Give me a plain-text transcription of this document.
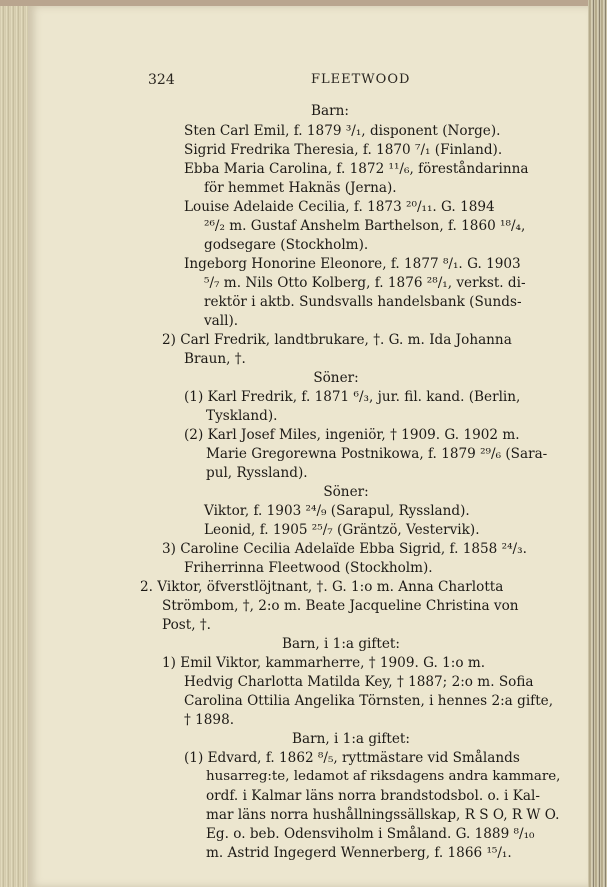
324	FLEETWOOD
Barn:
Sten Carl Emil, f. 1879 ³/₁, disponent (Norge).
Sigrid Fredrika Theresia, f. 1870 ⁷/₁ (Finland).
Ebba Maria Carolina, f. 1872 ¹¹/₆, föreståndarinna
för hemmet Haknäs (Jerna).
Louise Adelaide Cecilia, f. 1873 ²⁰/₁₁. G. 1894
²⁶/₂ m. Gustaf Anshelm Barthelson, f. 1860 ¹⁸/₄,
godsegare (Stockholm).
Ingeborg Honorine Eleonore, f. 1877 ⁸/₁. G. 1903
⁵/₇ m. Nils Otto Kolberg, f. 1876 ²⁸/₁, verkst. di-
rektör i aktb. Sundsvalls handelsbank (Sunds-
vall).
2) Carl Fredrik, landtbrukare, †. G. m. Ida Johanna
Braun, †.
Söner:
(1) Karl Fredrik, f. 1871 ⁶/₃, jur. fil. kand. (Berlin,
Tyskland).
(2) Karl Josef Miles, ingeniör, † 1909. G. 1902 m.
Marie Gregorewna Postnikowa, f. 1879 ²⁹/₆ (Sara-
pul, Ryssland).
Söner:
Viktor, f. 1903 ²⁴/₉ (Sarapul, Ryssland).
Leonid, f. 1905 ²⁵/₇ (Gräntzö, Vestervik).
3) Caroline Cecilia Adelaïde Ebba Sigrid, f. 1858 ²⁴/₃.
Friherrinna Fleetwood (Stockholm).
2. Viktor, öfverstlöjtnant, †. G. 1:o m. Anna Charlotta
Strömbom, †, 2:o m. Beate Jacqueline Christina von
Post, †.
Barn, i 1:a giftet:
1) Emil Viktor, kammarherre, † 1909. G. 1:o m.
Hedvig Charlotta Matilda Key, † 1887; 2:o m. Sofia
Carolina Ottilia Angelika Törnsten, i hennes 2:a gifte,
† 1898.
Barn, i 1:a giftet:
(1) Edvard, f. 1862 ⁸/₅, ryttmästare vid Smålands
husarreg:te, ledamot af riksdagens andra kammare,
ordf. i Kalmar läns norra brandstodsbol. o. i Kal-
mar läns norra hushållningssällskap, R S O, R W O.
Eg. o. beb. Odensviholm i Småland. G. 1889 ⁸/₁₀
m. Astrid Ingegerd Wennerberg, f. 1866 ¹⁵/₁.
